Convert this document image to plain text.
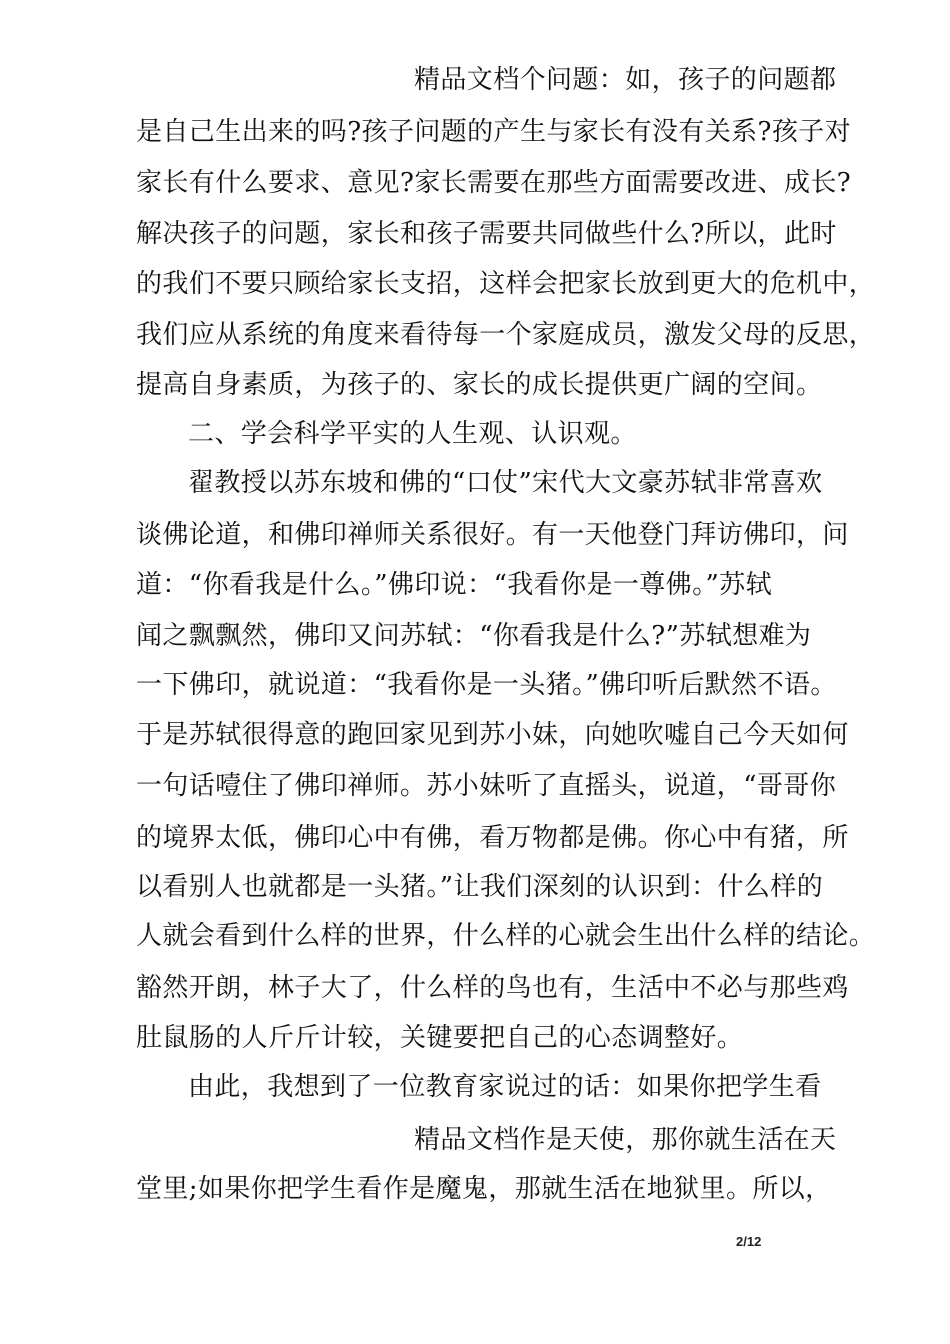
精品文档个问题：如，孩子的问题都
是自己生出来的吗?孩子问题的产生与家长有没有关系?孩子对
家长有什么要求、意见?家长需要在那些方面需要改进、成长?
解决孩子的问题，家长和孩子需要共同做些什么?所以，此时
的我们不要只顾给家长支招，这样会把家长放到更大的危机中，
我们应从系统的角度来看待每一个家庭成员，激发父母的反思，
提高自身素质，为孩子的、家长的成长提供更广阔的空间。
二、学会科学平实的人生观、认识观。
翟教授以苏东坡和佛的“口仗”宋代大文豪苏轼非常喜欢
谈佛论道，和佛印禅师关系很好。有一天他登门拜访佛印，问
道：“你看我是什么。”佛印说：“我看你是一尊佛。”苏轼
闻之飘飘然，佛印又问苏轼：“你看我是什么?”苏轼想难为
一下佛印，就说道：“我看你是一头猪。”佛印听后默然不语。
于是苏轼很得意的跑回家见到苏小妹，向她吹嘘自己今天如何
一句话噎住了佛印禅师。苏小妹听了直摇头，说道，“哥哥你
的境界太低，佛印心中有佛，看万物都是佛。你心中有猪，所
以看别人也就都是一头猪。”让我们深刻的认识到：什么样的
人就会看到什么样的世界，什么样的心就会生出什么样的结论。
豁然开朗，林子大了，什么样的鸟也有，生活中不必与那些鸡
肚鼠肠的人斤斤计较，关键要把自己的心态调整好。
由此，我想到了一位教育家说过的话：如果你把学生看
精品文档作是天使，那你就生活在天
堂里;如果你把学生看作是魔鬼，那就生活在地狱里。所以，
2/12
